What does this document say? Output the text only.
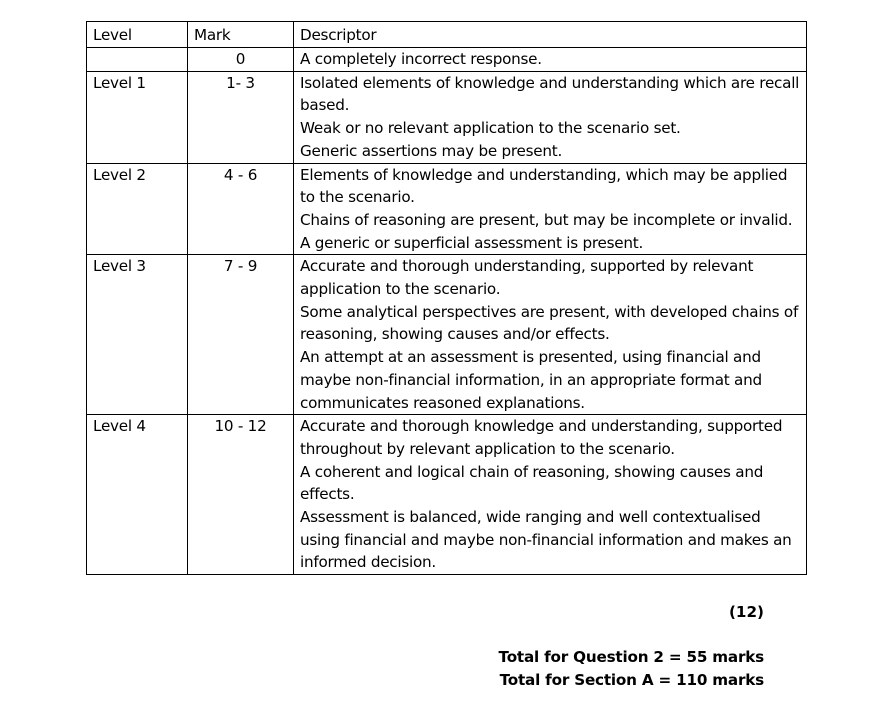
Level	Mark	Descriptor
	0	A completely incorrect response.

Level 1	1- 3	Isolated elements of knowledge and understanding which are recall based.
Weak or no relevant application to the scenario set.
Generic assertions may be present.

Level 2	4 - 6	Elements of knowledge and understanding, which may be applied to the scenario.
Chains of reasoning are present, but may be incomplete or invalid.
A generic or superficial assessment is present.

Level 3	7 - 9	Accurate and thorough understanding, supported by relevant application to the scenario.
Some analytical perspectives are present, with developed chains of reasoning, showing causes and/or effects.
An attempt at an assessment is presented, using financial and maybe non-financial information, in an appropriate format and communicates reasoned explanations.

Level 4	10 - 12	Accurate and thorough knowledge and understanding, supported throughout by relevant application to the scenario.
A coherent and logical chain of reasoning, showing causes and effects.
Assessment is balanced, wide ranging and well contextualised using financial and maybe non-financial information and makes an informed decision.
(12)
Total for Question 2 = 55 marks
Total for Section A = 110 marks
